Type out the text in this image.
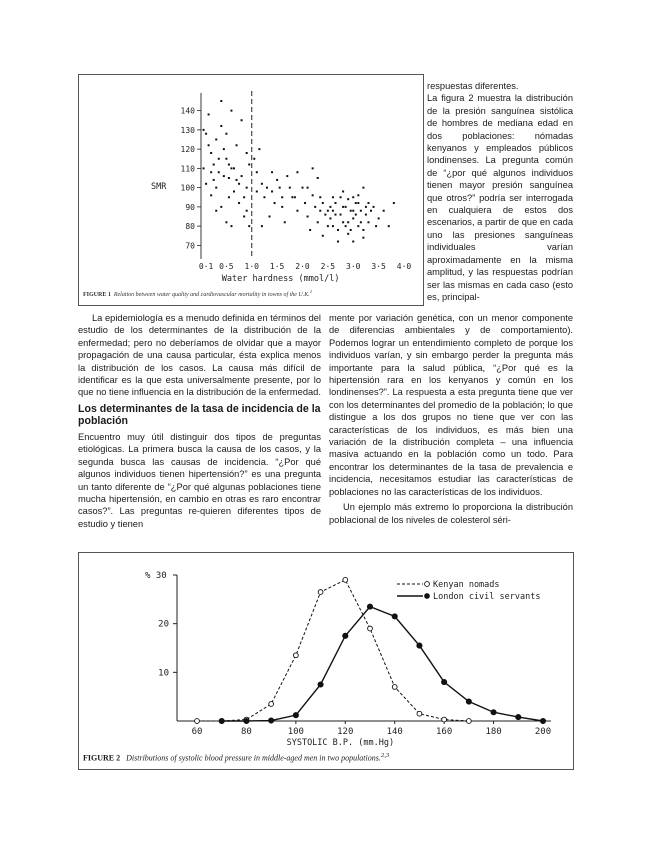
70
80
90
100
110
120
130
140
0·1 0·5 1·0 1·5 2·0 2·5 3·0 3·5 4·0
SMR
Water hardness (mmol/l)
FIGURE 1 Relation between water quality and cardiovascular mortality in towns of the U.K.$^1$

respuestas diferentes.

La figura 2 muestra la distribución de la presión sanguínea sistólica de hombres de mediana edad en dos poblaciones: nómadas kenyanos y empleados públicos londinenses. La pregunta común de “¿por qué algunos individuos tienen mayor presión sanguínea que otros?” podría ser interrogada en cualquiera de estos dos escenarios, a partir de que en cada uno las presiones sanguíneas individuales varían aproximadamente en la misma amplitud, y las respuestas podrían ser las mismas en cada caso (esto es, principal-

La epidemiología es a menudo definida en términos del estudio de los determinantes de la distribución de la enfermedad; pero no deberíamos de olvidar que a mayor propagación de una causa particular, ésta explica menos la distribución de los casos. La causa más difícil de identificar es la que esta universalmente presente, por lo que no tiene influencia en la distribución de la enfermedad.

Los determinantes de la tasa de incidencia de la población

Encuentro muy útil distinguir dos tipos de preguntas etiológicas. La primera busca la causa de los casos, y la segunda busca las causas de incidencia. “¿Por qué algunos individuos tienen hipertensión?” es una pregunta un tanto diferente de “¿Por qué algunas poblaciones tiene mucha hipertensión, en cambio en otras es raro encontrar casos?”. Las preguntas re-quieren diferentes tipos de estudio y tienen

mente por variación genética, con un menor componente de diferencias ambientales y de comportamiento). Podemos lograr un entendimiento completo de porque los individuos varían, y sin embargo perder la pregunta más importante para la salud pública, “¿Por qué es la hipertensión rara en los kenyanos y común en los londinenses?”. La respuesta a esta pregunta tiene que ver con los determinantes del promedio de la población; lo que distingue a los dos grupos no tiene que ver con las características de los individuos, es más bien una variación de la distribución completa – una influencia masiva actuando en la población como un todo. Para encontrar los determinantes de la tasa de prevalencia e incidencia, necesitamos estudiar las características de poblaciones no las características de los individuos.

Un ejemplo más extremo lo proporciona la distribución poblacional de los niveles de colesterol séri-

% 30
10
20
60	80	100	120	140	160	180	200
SYSTOLIC B.P. (mm.Hg)
Kenyan nomads
London civil servants
FIGURE 2 Distributions of systolic blood pressure in middle-aged men in two populations.$^{2,3}$
